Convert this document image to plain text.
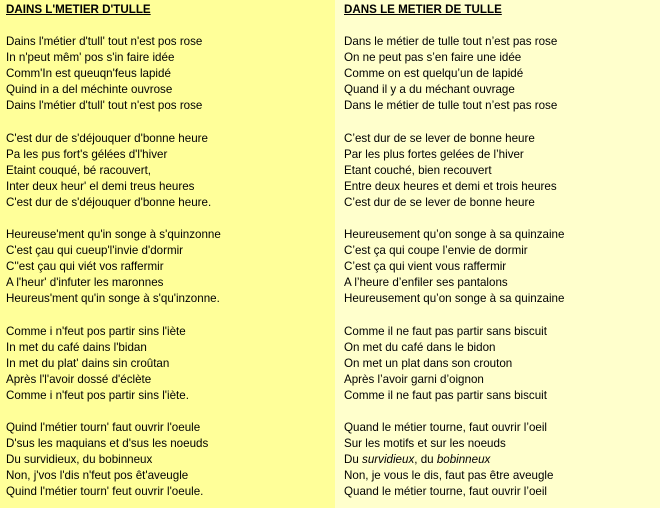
DAINS L'METIER D'TULLE
Dains l'métier d'tull' tout n'est pos rose
In n'peut mêm' pos s'in faire idée
Comm'In est queuqn'feus lapidé
Quind in a del méchinte ouvrose
Dains l'métier d'tull' tout n'est pos rose
C'est dur de s'déjouquer d'bonne heure
Pa les pus fort's gélées d'l'hiver
Etaint couqué, bé racouvert,
Inter deux heur' el demi treus heures
C'est dur de s'déjouquer d'bonne heure.
Heureuse'ment qu'in songe à s'quinzonne
C'est çau qui cueup'l'invie d'dormir
C''est çau qui viét vos raffermir
A l'heur' d'infuter les maronnes
Heureus'ment qu'in songe à s'qu'inzonne.
Comme i n'feut pos partir sins l'iète
In met du café dains l'bidan
In met du plat' dains sin croûtan
Après l'l'avoir dossé d'éclète
Comme i n'feut pos partir sins l'iète.
Quind l'métier tourn' faut ouvrir l'oeule
D'sus les maquians et d'sus les noeuds
Du survidieux, du bobinneux
Non, j'vos l'dis n'feut pos êt'aveugle
Quind l'métier tourn' feut ouvrir l'oeule.
DANS LE METIER DE TULLE
Dans le métier de tulle tout n’est pas rose
On ne peut pas s’en faire une idée
Comme on est quelqu’un de lapidé
Quand il y a du méchant ouvrage
Dans le métier de tulle tout n’est pas rose
C’est dur de se lever de bonne heure
Par les plus fortes gelées de l’hiver
Etant couché, bien recouvert
Entre deux heures et demi et trois heures
C’est dur de se lever de bonne heure
Heureusement qu’on songe à sa quinzaine
C’est ça qui coupe l’envie de dormir
C’est ça qui vient vous raffermir
A l’heure d’enfiler ses pantalons
Heureusement qu’on songe à sa quinzaine
Comme il ne faut pas partir sans biscuit
On met du café dans le bidon
On met un plat dans son crouton
Après l’avoir garni d’oignon
Comme il ne faut pas partir sans biscuit
Quand le métier tourne, faut ouvrir l’oeil
Sur les motifs et sur les noeuds
Du survidieux, du bobinneux
Non, je vous le dis, faut pas être aveugle
Quand le métier tourne, faut ouvrir l’oeil
